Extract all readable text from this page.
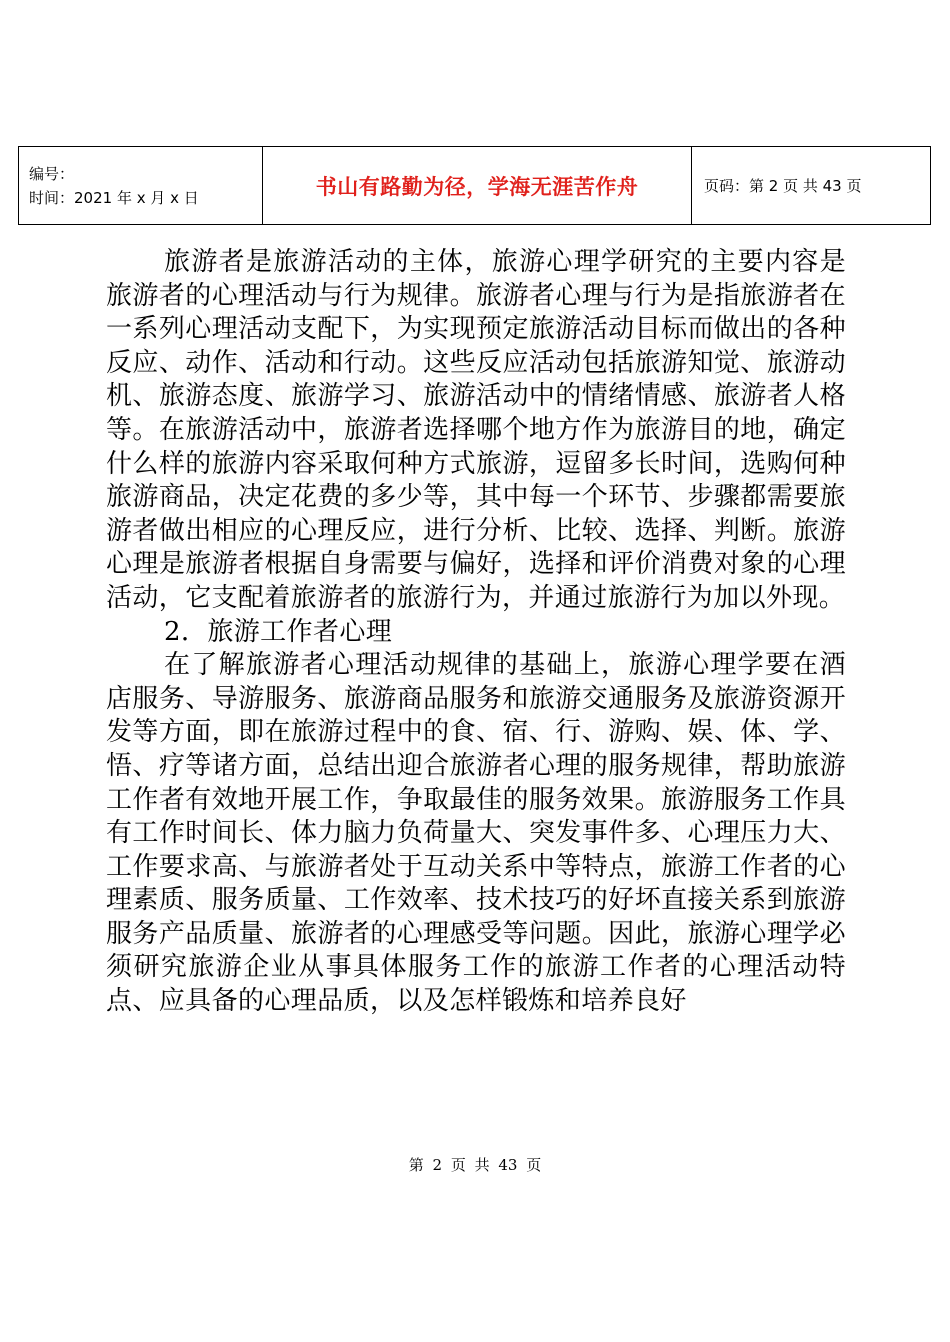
编号：
时间：2021 年 x 月 x 日	书山有路勤为径，学海无涯苦作舟	页码：第 2 页 共 43 页

旅游者是旅游活动的主体，旅游心理学研究的主要内容是旅游者的心理活动与行为规律。旅游者心理与行为是指旅游者在一系列心理活动支配下，为实现预定旅游活动目标而做出的各种反应、动作、活动和行动。这些反应活动包括旅游知觉、旅游动机、旅游态度、旅游学习、旅游活动中的情绪情感、旅游者人格等。在旅游活动中，旅游者选择哪个地方作为旅游目的地，确定什么样的旅游内容采取何种方式旅游，逗留多长时间，选购何种旅游商品，决定花费的多少等，其中每一个环节、步骤都需要旅游者做出相应的心理反应，进行分析、比较、选择、判断。旅游心理是旅游者根据自身需要与偏好，选择和评价消费对象的心理活动，它支配着旅游者的旅游行为，并通过旅游行为加以外现。

2．旅游工作者心理

在了解旅游者心理活动规律的基础上，旅游心理学要在酒店服务、导游服务、旅游商品服务和旅游交通服务及旅游资源开发等方面，即在旅游过程中的食、宿、行、游购、娱、体、学、悟、疗等诸方面，总结出迎合旅游者心理的服务规律，帮助旅游工作者有效地开展工作，争取最佳的服务效果。旅游服务工作具有工作时间长、体力脑力负荷量大、突发事件多、心理压力大、工作要求高、与旅游者处于互动关系中等特点，旅游工作者的心理素质、服务质量、工作效率、技术技巧的好坏直接关系到旅游服务产品质量、旅游者的心理感受等问题。因此，旅游心理学必须研究旅游企业从事具体服务工作的旅游工作者的心理活动特点、应具备的心理品质，以及怎样锻炼和培养良好

第 2 页 共 43 页
